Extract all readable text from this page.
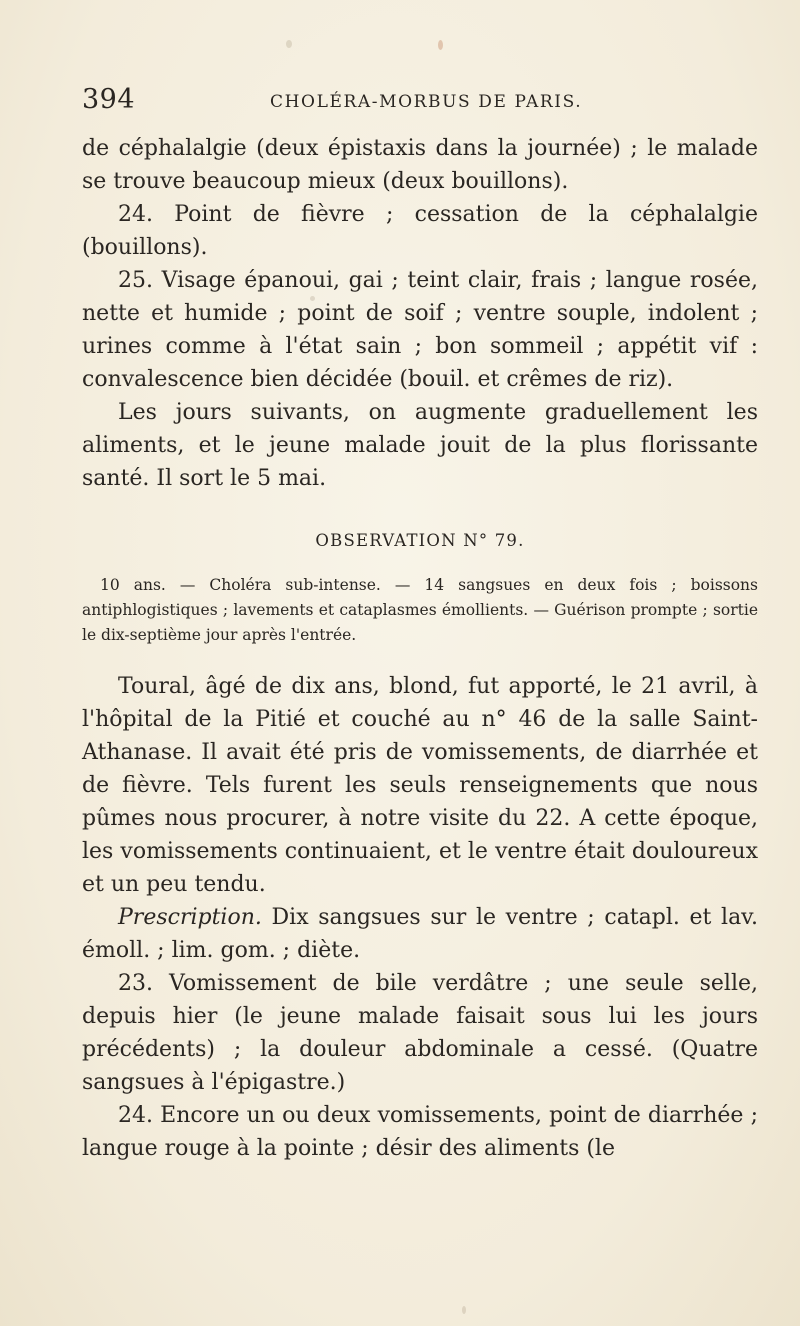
394	CHOLÉRA-MORBUS DE PARIS.

de céphalalgie (deux épistaxis dans la journée) ; le malade se trouve beaucoup mieux (deux bouillons).

24. Point de fièvre ; cessation de la céphalalgie (bouillons).

25. Visage épanoui, gai ; teint clair, frais ; langue rosée, nette et humide ; point de soif ; ventre souple, indolent ; urines comme à l'état sain ; bon sommeil ; appétit vif : convalescence bien décidée (bouil. et crêmes de riz).

Les jours suivants, on augmente graduellement les aliments, et le jeune malade jouit de la plus florissante santé. Il sort le 5 mai.

OBSERVATION N° 79.

10 ans. — Choléra sub-intense. — 14 sangsues en deux fois ; boissons antiphlogistiques ; lavements et cataplasmes émollients. — Guérison prompte ; sortie le dix-septième jour après l'entrée.

Toural, âgé de dix ans, blond, fut apporté, le 21 avril, à l'hôpital de la Pitié et couché au n° 46 de la salle Saint-Athanase. Il avait été pris de vomissements, de diarrhée et de fièvre. Tels furent les seuls renseignements que nous pûmes nous procurer, à notre visite du 22. A cette époque, les vomissements continuaient, et le ventre était douloureux et un peu tendu.

Prescription. Dix sangsues sur le ventre ; catapl. et lav. émoll. ; lim. gom. ; diète.

23. Vomissement de bile verdâtre ; une seule selle, depuis hier (le jeune malade faisait sous lui les jours précédents) ; la douleur abdominale a cessé. (Quatre sangsues à l'épigastre.)

24. Encore un ou deux vomissements, point de diarrhée ; langue rouge à la pointe ; désir des aliments (le
